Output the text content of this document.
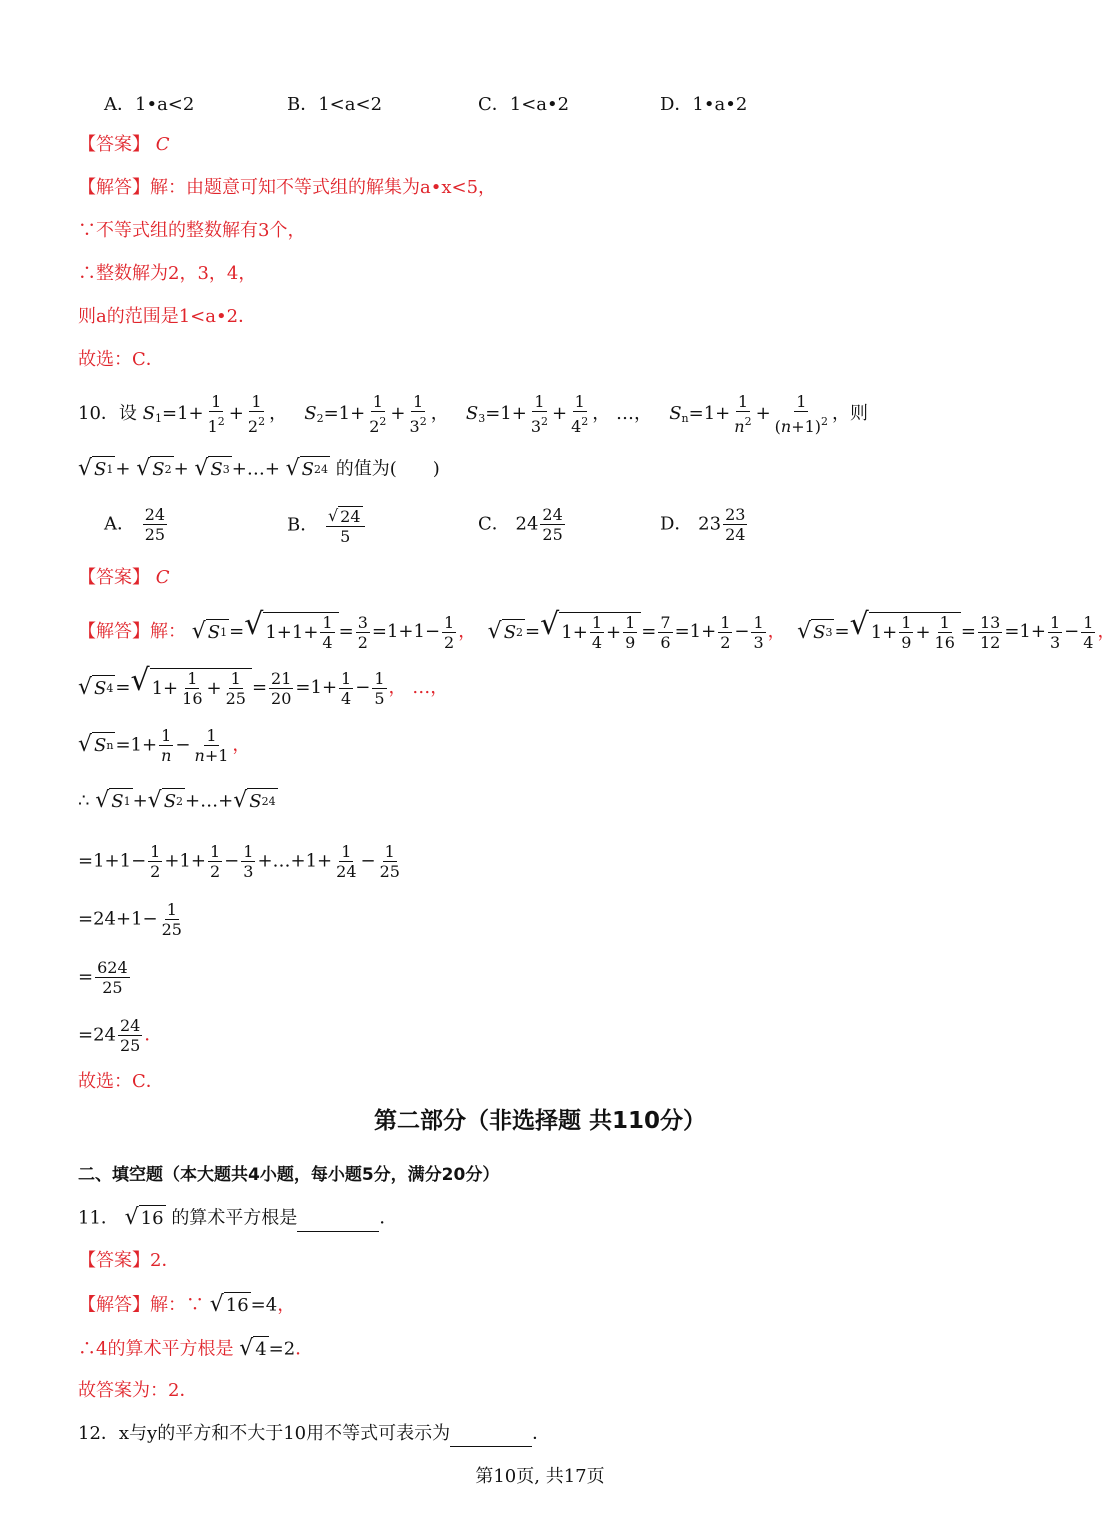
A．1•a<2	B．1<a<2	C．1<a•2	D．1•a•2
【答案】 C
【解答】解：由题意可知不等式组的解集为a•x<5，
∵不等式组的整数解有3个，
∴整数解为2，3，4，
则a的范围是1<a•2．
故选：C．
10．设 $S_1=1+ \frac{1}{1^2} + \frac{1}{2^2}$ ，   $S_2=1+ \frac{1}{2^2} + \frac{1}{3^2}$ ，   $S_3=1+ \frac{1}{3^2} + \frac{1}{4^2}$ ， …，   $S_n=1+ \frac{1}{n^2} + \frac{1}{(n+1)^2}$ ，则
√ S 1 + √ S 2 + √ S 3 +…+ √ S 24 的值为(　　)
A． $\frac{24}{25}$	B． $\frac{√ 24}{5}$	C． $24 \frac{24}{25}$	D． $23 \frac{23}{24}$
【答案】 C
【解答】解： √ S 1 = √ $1+1+ \frac{1}{4} = \frac{3}{2} =1+1- \frac{1}{2}$ ， √ S 2 = √ $1+ \frac{1}{4} + \frac{1}{9} = \frac{7}{6} =1+ \frac{1}{2} - \frac{1}{3}$ ， √ S 3 = √ $1+ \frac{1}{9} + \frac{1}{16} = \frac{13}{12} =1+ \frac{1}{3} - \frac{1}{4}$ ，
√ S 4 = √ $1+ \frac{1}{16} + \frac{1}{25} = \frac{21}{20} =1+ \frac{1}{4} - \frac{1}{5}$ ， …，
√ S $n =1+ \frac{1}{n} - \frac{1}{n+1}$ ，
∴ √ S 1 + √ S 2 +…+ √ S 24
$=1+1- \frac{1}{2} +1+ \frac{1}{2} - \frac{1}{3}$ +…+1+ $\frac{1}{24} - \frac{1}{25}$
$=24+1- \frac{1}{25}$
= $\frac{624}{25}$
$=24 \frac{24}{25}$ ．
故选：C．
第二部分（非选择题 共110分）
二、填空题（本大题共4小题，每小题5分，满分20分）
11． √ 16 的算术平方根是	．
【答案】2．
【解答】解：∵ √ 16 =4，
∴4的算术平方根是 √ 4 =2．
故答案为：2．
12．x与y的平方和不大于10用不等式可表示为	．
第10页, 共17页
